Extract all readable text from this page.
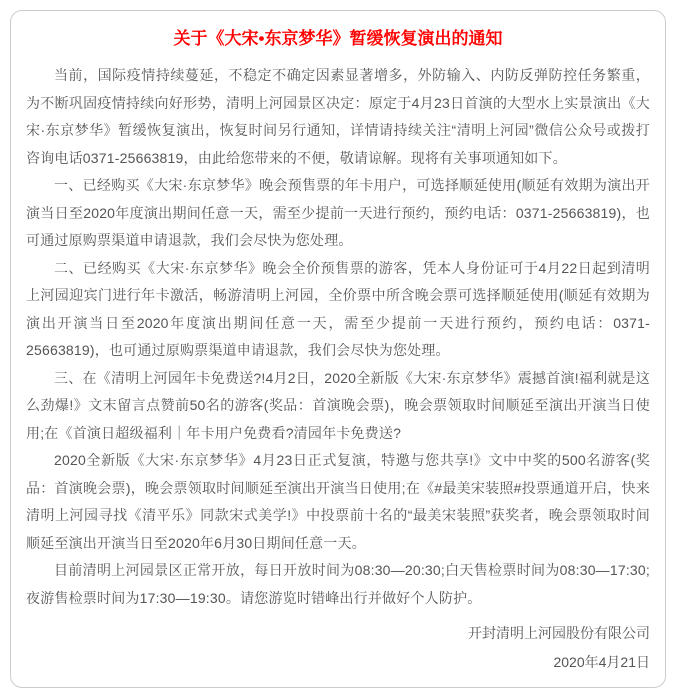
关于《大宋•东京梦华》暂缓恢复演出的通知

当前，国际疫情持续蔓延，不稳定不确定因素显著增多，外防输入、内防反弹防控任务繁重，为不断巩固疫情持续向好形势，清明上河园景区决定：原定于4月23日首演的大型水上实景演出《大宋·东京梦华》暂缓恢复演出，恢复时间另行通知，详情请持续关注“清明上河园”微信公众号或拨打咨询电话0371-25663819，由此给您带来的不便，敬请谅解。现将有关事项通知如下。

一、已经购买《大宋·东京梦华》晚会预售票的年卡用户，可选择顺延使用(顺延有效期为演出开演当日至2020年度演出期间任意一天，需至少提前一天进行预约，预约电话：0371-25663819)，也可通过原购票渠道申请退款，我们会尽快为您处理。

二、已经购买《大宋·东京梦华》晚会全价预售票的游客，凭本人身份证可于4月22日起到清明上河园迎宾门进行年卡激活，畅游清明上河园，全价票中所含晚会票可选择顺延使用(顺延有效期为演出开演当日至2020年度演出期间任意一天，需至少提前一天进行预约，预约电话：0371-25663819)，也可通过原购票渠道申请退款，我们会尽快为您处理。

三、在《清明上河园年卡免费送?!4月2日，2020全新版《大宋·东京梦华》震撼首演!福利就是这么劲爆!》文末留言点赞前50名的游客(奖品：首演晚会票)，晚会票领取时间顺延至演出开演当日使用;在《首演日超级福利｜年卡用户免费看?清园年卡免费送?

2020全新版《大宋·东京梦华》4月23日正式复演，特邀与您共享!》文中中奖的500名游客(奖品：首演晚会票)，晚会票领取时间顺延至演出开演当日使用;在《#最美宋装照#投票通道开启，快来清明上河园寻找《清平乐》同款宋式美学!》中投票前十名的“最美宋装照”获奖者，晚会票领取时间顺延至演出开演当日至2020年6月30日期间任意一天。

目前清明上河园景区正常开放，每日开放时间为08:30—20:30;白天售检票时间为08:30—17:30;夜游售检票时间为17:30—19:30。请您游览时错峰出行并做好个人防护。

开封清明上河园股份有限公司

2020年4月21日
